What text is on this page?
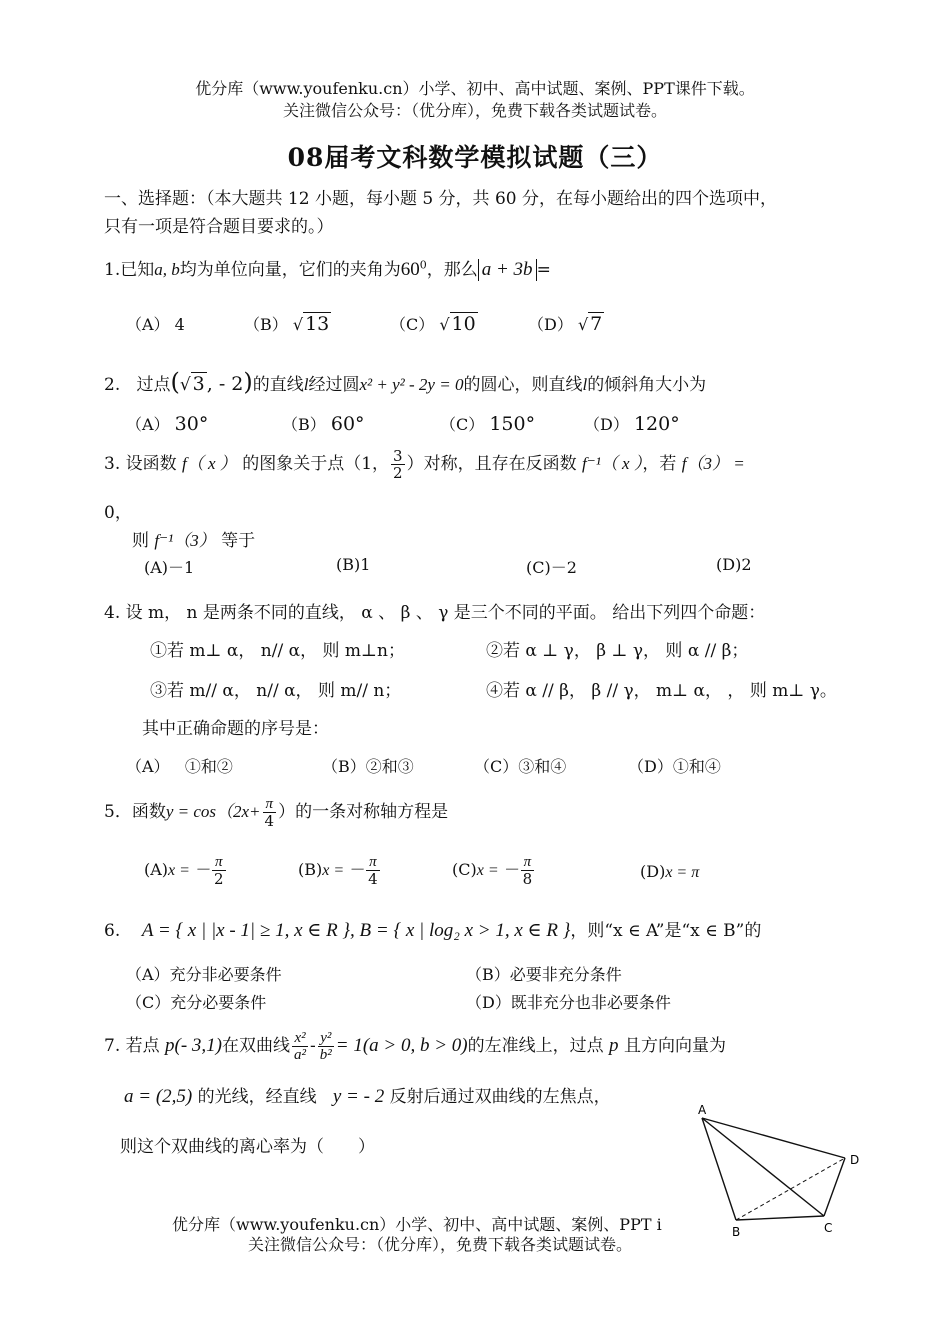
优分库（www.youfenku.cn）小学、初中、高中试题、案例、PPT课件下载。
关注微信公众号：（优分库），免费下载各类试题试卷。
08届考文科数学模拟试题（三）
一、选择题：（本大题共 12 小题，每小题 5 分，共 60 分，在每小题给出的四个选项中，
只有一项是符合题目要求的。）
1.已知a, b均为单位向量，它们的夹角为$60^0$，那么 a + 3b =
（A） 4	（B） √ 13	（C） √ 10	（D） √ 7
2. 过点(√ 3 , - 2)的直线l经过圆x² + y² - 2y = 0的圆心，则直线l的倾斜角大小为
（A） 30°	（B） 60°	（C） 150°	（D） 120°
3. 设函数 f（ x ） 的图象关于点（1， $\frac{3}{2}$ ）对称，且存在反函数 f⁻¹（ x ），若 f（3） =
0，
则 f⁻¹（3） 等于
(A)－1	(B)1	(C)－2	(D)2
4. 设 m， n 是两条不同的直线， α 、 β 、 γ 是三个不同的平面。 给出下列四个命题：
①若 m⊥ α， n// α， 则 m⊥n；	②若 α ⊥ γ， β ⊥ γ， 则 α // β；
③若 m// α， n// α， 则 m// n；	④若 α // β， β // γ， m⊥ α， ， 则 m⊥ γ。
其中正确命题的序号是：
（A） ①和②	（B）②和③	（C）③和④	（D）①和④
5．函数$y = \cos(2x+ \frac{\pi}{4}$ ）的一条对称轴方程是
(A)x = － $\frac{\pi}{2}$	(B)x = － $\frac{\pi}{4}$	(C)x = － $\frac{\pi}{8}$	(D)x = π
6. A = { x | |x - 1| ≥ 1, x ∈ R }, B = { x | log₂ x > 1, x ∈ R }，则“x ∈ A”是“x ∈ B”的
（A）充分非必要条件	（B）必要非充分条件
（C）充分必要条件	（D）既非充分也非必要条件
7. 若点 p(- 3,1)在双曲线 $\frac{\text{x²}}{\text{a²}} - \frac{\text{y²}}{\text{b²}} = 1(a > 0$, b > 0)的左准线上，过点 p 且方向向量为
a = (2,5) 的光线，经直线 y = - 2 反射后通过双曲线的左焦点，
则这个双曲线的离心率为（　　）
A
B	C
D
优分库（www.youfenku.cn）小学、初中、高中试题、案例、PPT i
关注微信公众号：（优分库），免费下载各类试题试卷。
